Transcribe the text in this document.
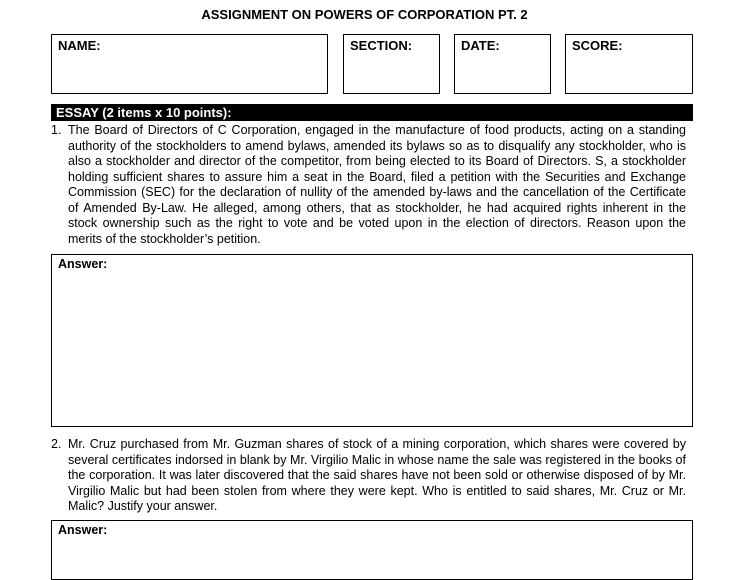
ASSIGNMENT ON POWERS OF CORPORATION PT. 2
NAME:	SECTION:	DATE:	SCORE:
ESSAY (2 items x 10 points):
1. The Board of Directors of C Corporation, engaged in the manufacture of food products, acting on a standing authority of the stockholders to amend bylaws, amended its bylaws so as to disqualify any stockholder, who is also a stockholder and director of the competitor, from being elected to its Board of Directors. S, a stockholder holding sufficient shares to assure him a seat in the Board, filed a petition with the Securities and Exchange Commission (SEC) for the declaration of nullity of the amended by-laws and the cancellation of the Certificate of Amended By-Law. He alleged, among others, that as stockholder, he had acquired rights inherent in the stock ownership such as the right to vote and be voted upon in the election of directors. Reason upon the merits of the stockholder’s petition.
Answer:
2. Mr. Cruz purchased from Mr. Guzman shares of stock of a mining corporation, which shares were covered by several certificates indorsed in blank by Mr. Virgilio Malic in whose name the sale was registered in the books of the corporation. It was later discovered that the said shares have not been sold or otherwise disposed of by Mr. Virgilio Malic but had been stolen from where they were kept. Who is entitled to said shares, Mr. Cruz or Mr. Malic? Justify your answer.
Answer:
